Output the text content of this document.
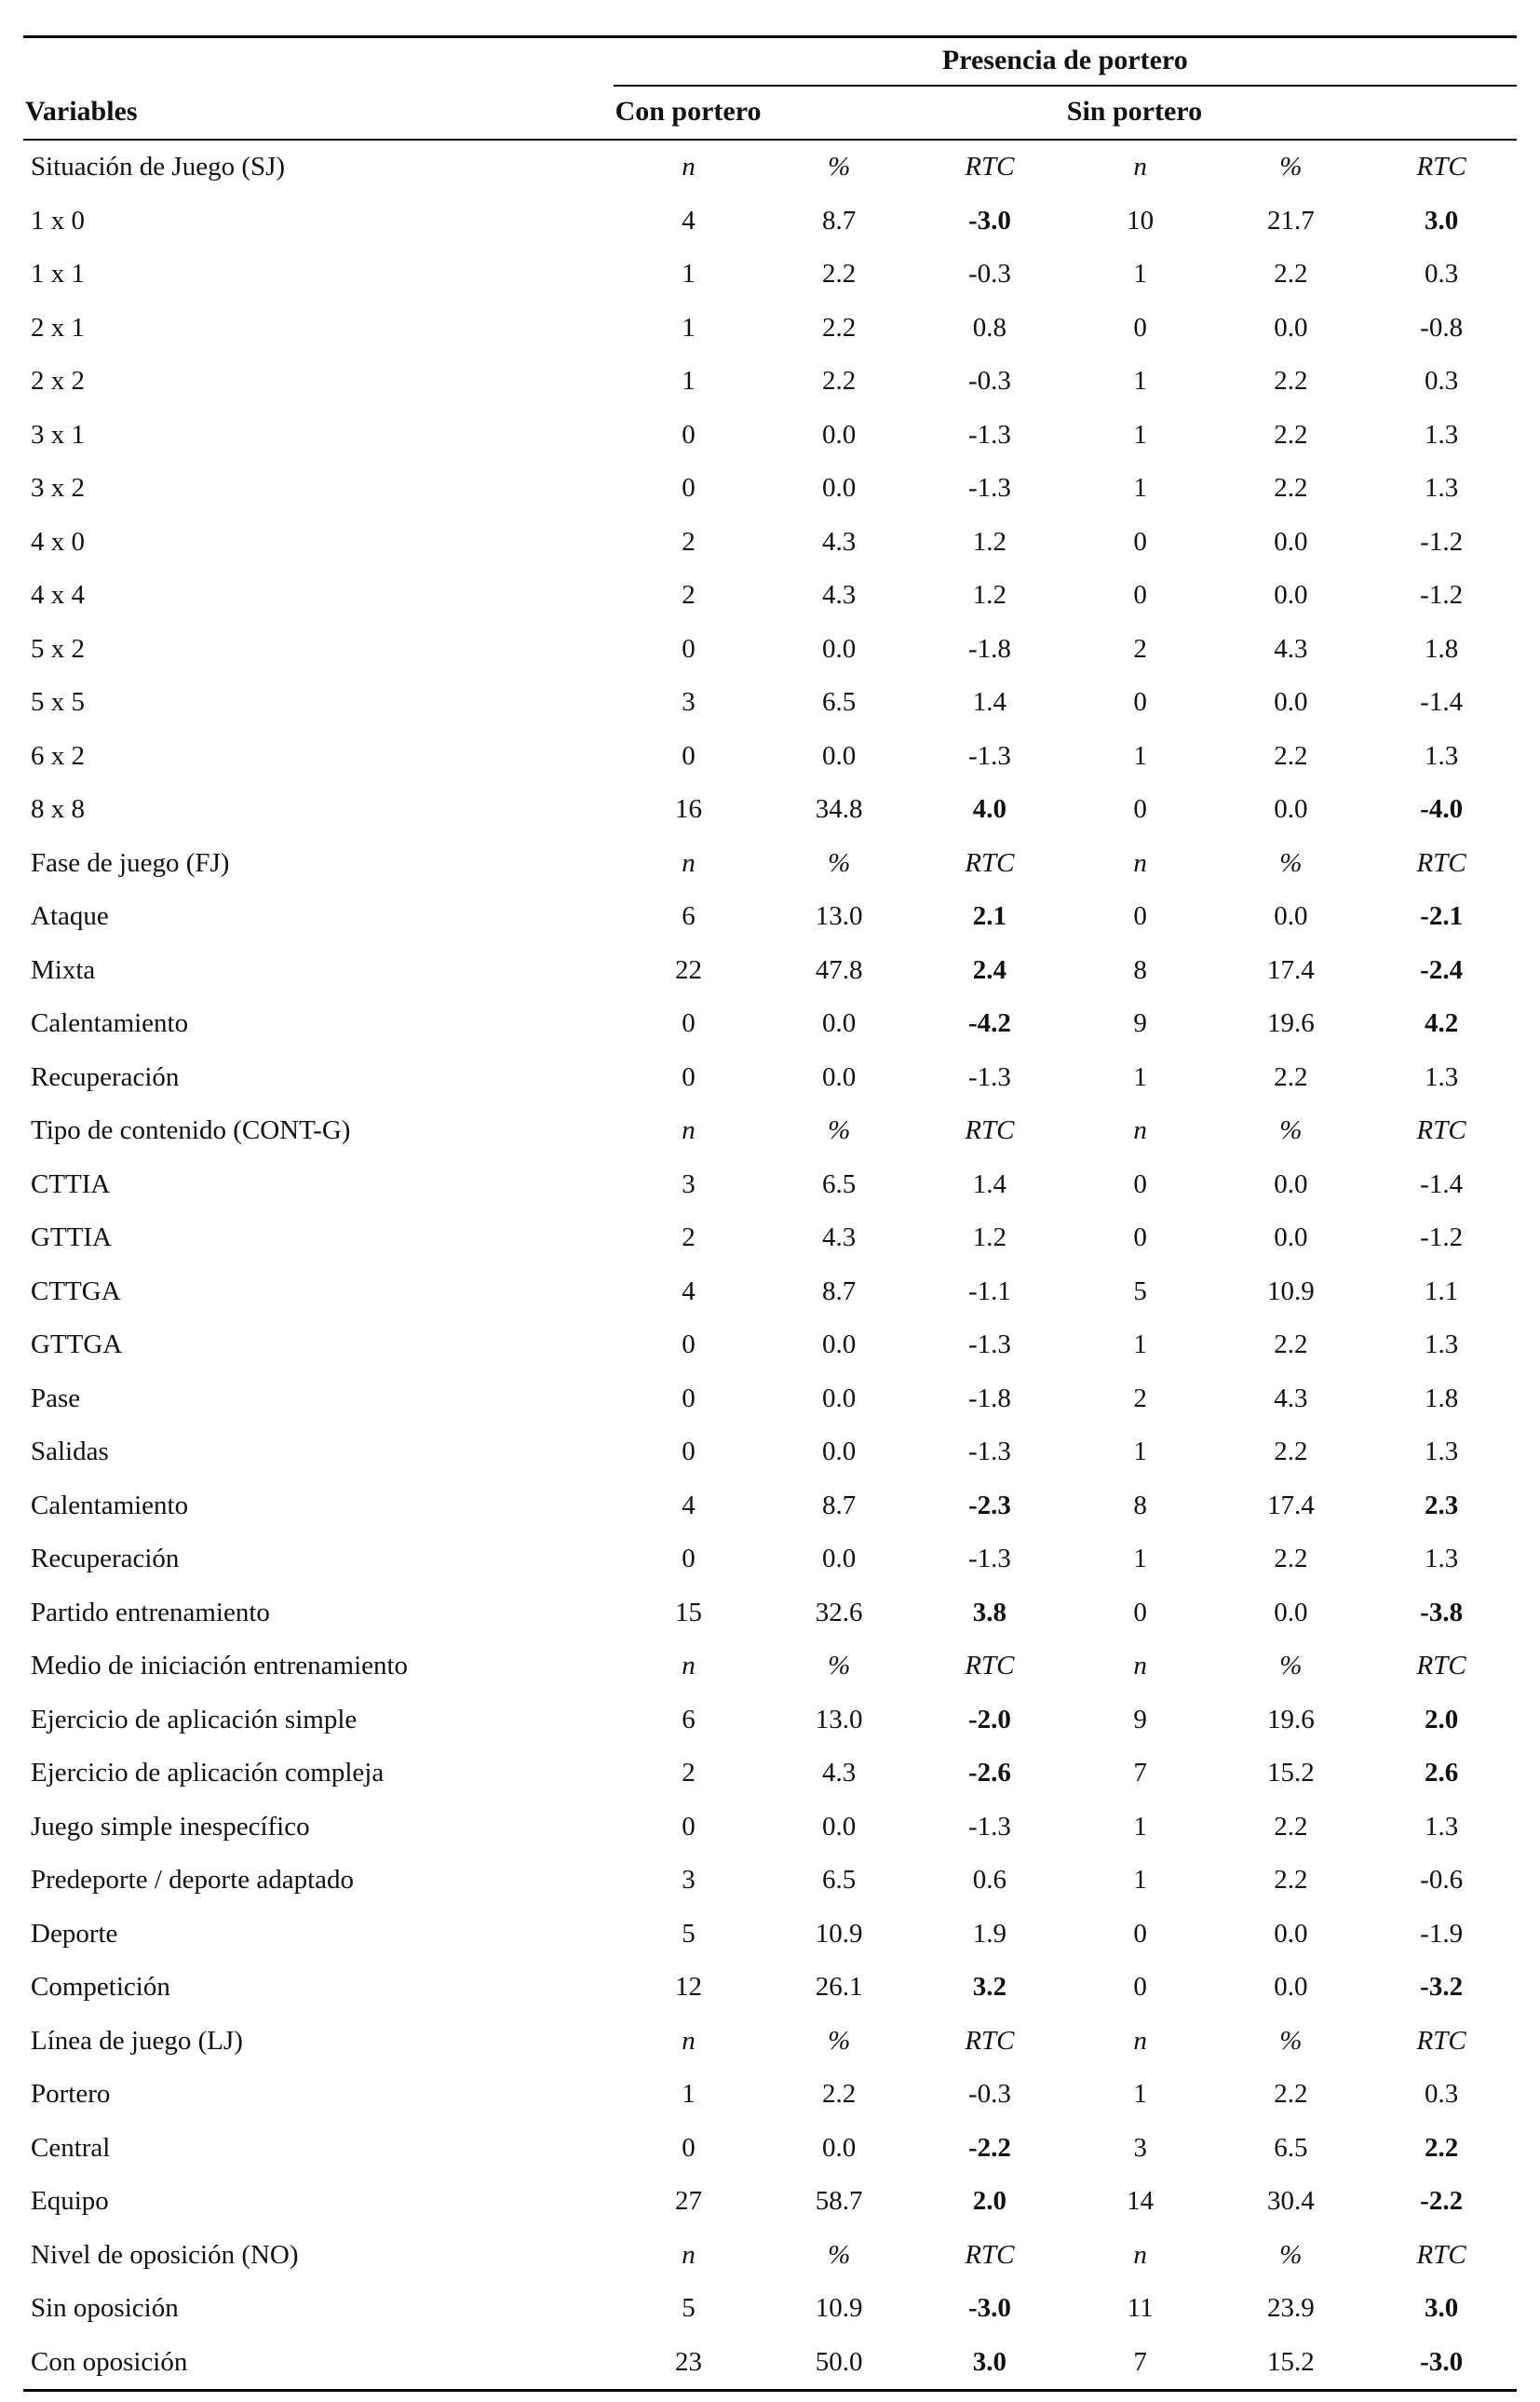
Presencia de portero
Variables	Con portero	Sin portero
Situación de Juego (SJ)	n	%	RTC	n	%	RTC
1 x 0	4	8.7	-3.0	10	21.7	3.0
1 x 1	1	2.2	-0.3	1	2.2	0.3
2 x 1	1	2.2	0.8	0	0.0	-0.8
2 x 2	1	2.2	-0.3	1	2.2	0.3
3 x 1	0	0.0	-1.3	1	2.2	1.3
3 x 2	0	0.0	-1.3	1	2.2	1.3
4 x 0	2	4.3	1.2	0	0.0	-1.2
4 x 4	2	4.3	1.2	0	0.0	-1.2
5 x 2	0	0.0	-1.8	2	4.3	1.8
5 x 5	3	6.5	1.4	0	0.0	-1.4
6 x 2	0	0.0	-1.3	1	2.2	1.3
8 x 8	16	34.8	4.0	0	0.0	-4.0
Fase de juego (FJ)	n	%	RTC	n	%	RTC
Ataque	6	13.0	2.1	0	0.0	-2.1
Mixta	22	47.8	2.4	8	17.4	-2.4
Calentamiento	0	0.0	-4.2	9	19.6	4.2
Recuperación	0	0.0	-1.3	1	2.2	1.3
Tipo de contenido (CONT-G)	n	%	RTC	n	%	RTC
CTTIA	3	6.5	1.4	0	0.0	-1.4
GTTIA	2	4.3	1.2	0	0.0	-1.2
CTTGA	4	8.7	-1.1	5	10.9	1.1
GTTGA	0	0.0	-1.3	1	2.2	1.3
Pase	0	0.0	-1.8	2	4.3	1.8
Salidas	0	0.0	-1.3	1	2.2	1.3
Calentamiento	4	8.7	-2.3	8	17.4	2.3
Recuperación	0	0.0	-1.3	1	2.2	1.3
Partido entrenamiento	15	32.6	3.8	0	0.0	-3.8
Medio de iniciación entrenamiento	n	%	RTC	n	%	RTC
Ejercicio de aplicación simple	6	13.0	-2.0	9	19.6	2.0
Ejercicio de aplicación compleja	2	4.3	-2.6	7	15.2	2.6
Juego simple inespecífico	0	0.0	-1.3	1	2.2	1.3
Predeporte / deporte adaptado	3	6.5	0.6	1	2.2	-0.6
Deporte	5	10.9	1.9	0	0.0	-1.9
Competición	12	26.1	3.2	0	0.0	-3.2
Línea de juego (LJ)	n	%	RTC	n	%	RTC
Portero	1	2.2	-0.3	1	2.2	0.3
Central	0	0.0	-2.2	3	6.5	2.2
Equipo	27	58.7	2.0	14	30.4	-2.2
Nivel de oposición (NO)	n	%	RTC	n	%	RTC
Sin oposición	5	10.9	-3.0	11	23.9	3.0
Con oposición	23	50.0	3.0	7	15.2	-3.0
